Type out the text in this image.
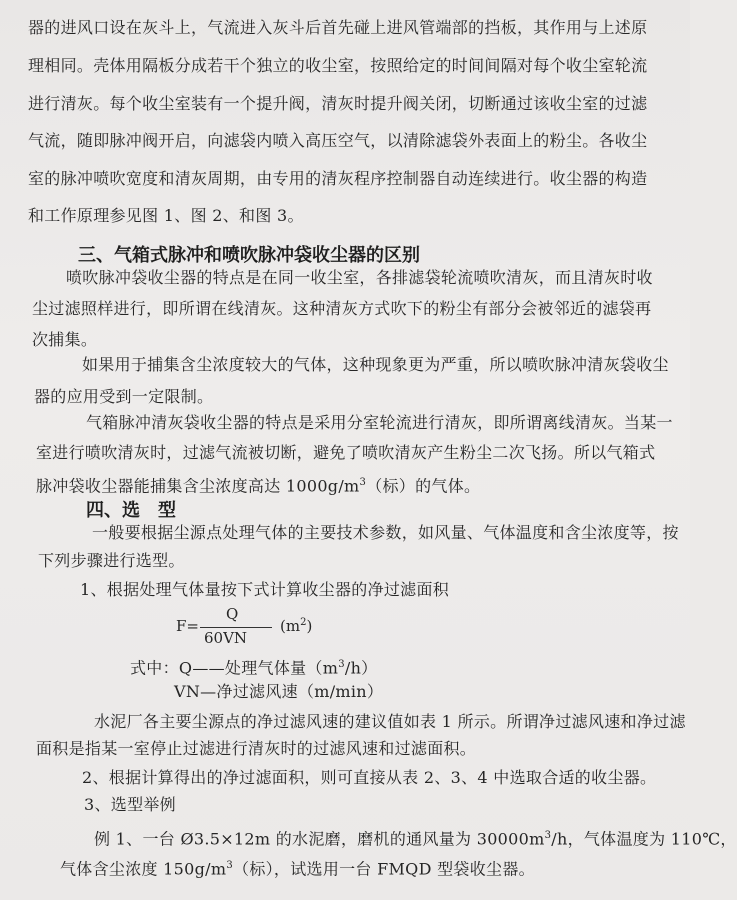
器的进风口设在灰斗上，气流进入灰斗后首先碰上进风管端部的挡板，其作用与上述原
理相同。壳体用隔板分成若干个独立的收尘室，按照给定的时间间隔对每个收尘室轮流
进行清灰。每个收尘室装有一个提升阀，清灰时提升阀关闭，切断通过该收尘室的过滤
气流，随即脉冲阀开启，向滤袋内喷入高压空气，以清除滤袋外表面上的粉尘。各收尘
室的脉冲喷吹宽度和清灰周期，由专用的清灰程序控制器自动连续进行。收尘器的构造
和工作原理参见图 1、图 2、和图 3。
三、气箱式脉冲和喷吹脉冲袋收尘器的区别
喷吹脉冲袋收尘器的特点是在同一收尘室，各排滤袋轮流喷吹清灰，而且清灰时收
尘过滤照样进行，即所谓在线清灰。这种清灰方式吹下的粉尘有部分会被邻近的滤袋再
次捕集。
如果用于捕集含尘浓度较大的气体，这种现象更为严重，所以喷吹脉冲清灰袋收尘
器的应用受到一定限制。
气箱脉冲清灰袋收尘器的特点是采用分室轮流进行清灰，即所谓离线清灰。当某一
室进行喷吹清灰时，过滤气流被切断，避免了喷吹清灰产生粉尘二次飞扬。所以气箱式
脉冲袋收尘器能捕集含尘浓度高达 $1000g/m^3$（标）的气体。
四、选　型
一般要根据尘源点处理气体的主要技术参数，如风量、气体温度和含尘浓度等，按
下列步骤进行选型。
1、根据处理气体量按下式计算收尘器的净过滤面积
F=
Q
60VN
$(m^2)$
式中：Q——处理气体量$(m^3/h)$
VN—净过滤风速（m/min）
水泥厂各主要尘源点的净过滤风速的建议值如表 1 所示。所谓净过滤风速和净过滤
面积是指某一室停止过滤进行清灰时的过滤风速和过滤面积。
2、根据计算得出的净过滤面积，则可直接从表 2、3、4 中选取合适的收尘器。
3、选型举例
例 1、一台 Ø3.5×12m 的水泥磨，磨机的通风量为 $30000m^3/h$，气体温度为 110℃，
气体含尘浓度 $150g/m^3$（标），试选用一台 FMQD 型袋收尘器。
